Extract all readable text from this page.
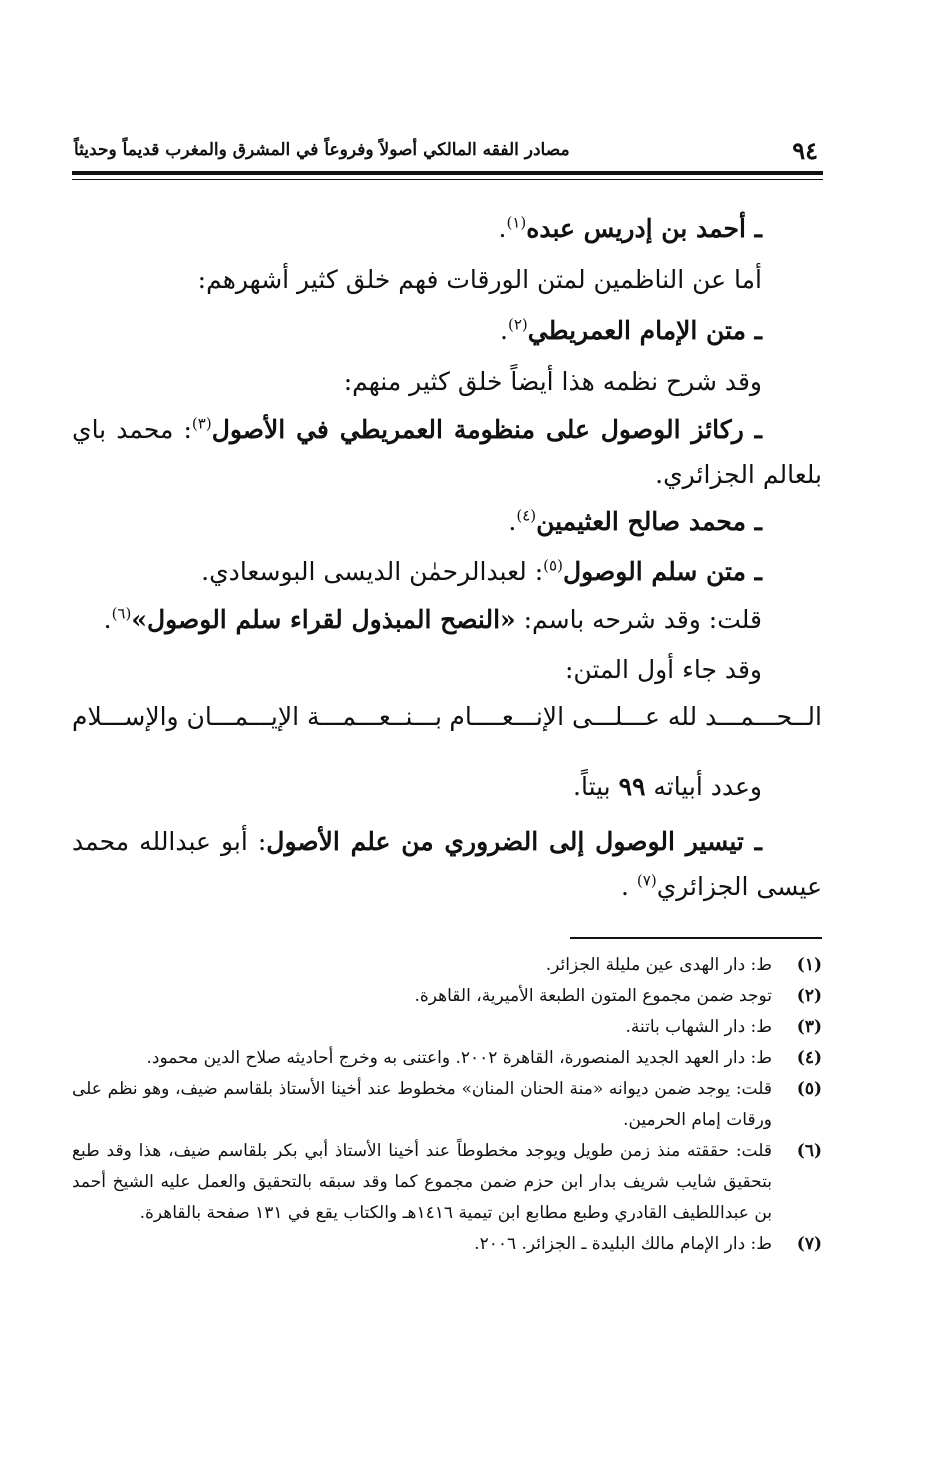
٩٤
مصادر الفقه المالكي أصولاً وفروعاً في المشرق والمغرب قديماً وحديثاً
ـ أحمد بن إدريس عبده$^{(١)}$.
أما عن الناظمين لمتن الورقات فهم خلق كثير أشهرهم:
ـ متن الإمام العمريطي$^{(٢)}$.
وقد شرح نظمه هذا أيضاً خلق كثير منهم:
ـ ركائز الوصول على منظومة العمريطي في الأصول$^{(٣)}$: محمد باي
بلعالم الجزائري.
ـ محمد صالح العثيمين$^{(٤)}$.
ـ متن سلم الوصول$^{(٥)}$: لعبدالرحمٰن الديسى البوسعادي.
قلت: وقد شرحه باسم: «النصح المبذول لقراء سلم الوصول»$^{(٦)}$.
وقد جاء أول المتن:
الــحـــمـــد لله عـــلـــى الإنـــعــــام
بـــنــعـــمـــة الإيـــمـــان والإســـلام
وعدد أبياته ٩٩ بيتاً.
ـ تيسير الوصول إلى الضروري من علم الأصول: أبو عبدالله محمد
عيسى الجزائري$^{(٧)}$ .
(١)
ط: دار الهدى عين مليلة الجزائر.
(٢)
توجد ضمن مجموع المتون الطبعة الأميرية، القاهرة.
(٣)
ط: دار الشهاب باتنة.
(٤)
ط: دار العهد الجديد المنصورة، القاهرة ٢٠٠٢. واعتنى به وخرج أحاديثه صلاح الدين محمود.
(٥)
قلت: يوجد ضمن ديوانه «منة الحنان المنان» مخطوط عند أخينا الأستاذ بلقاسم ضيف، وهو نظم على ورقات إمام الحرمين.
(٦)
قلت: حققته منذ زمن طويل ويوجد مخطوطاً عند أخينا الأستاذ أبي بكر بلقاسم ضيف، هذا وقد طبع بتحقيق شايب شريف بدار ابن حزم ضمن مجموع كما وقد سبقه بالتحقيق والعمل عليه الشيخ أحمد بن عبداللطيف القادري وطبع مطابع ابن تيمية ١٤١٦هـ والكتاب يقع في ١٣١ صفحة بالقاهرة.
(٧)
ط: دار الإمام مالك البليدة ـ الجزائر. ٢٠٠٦.
